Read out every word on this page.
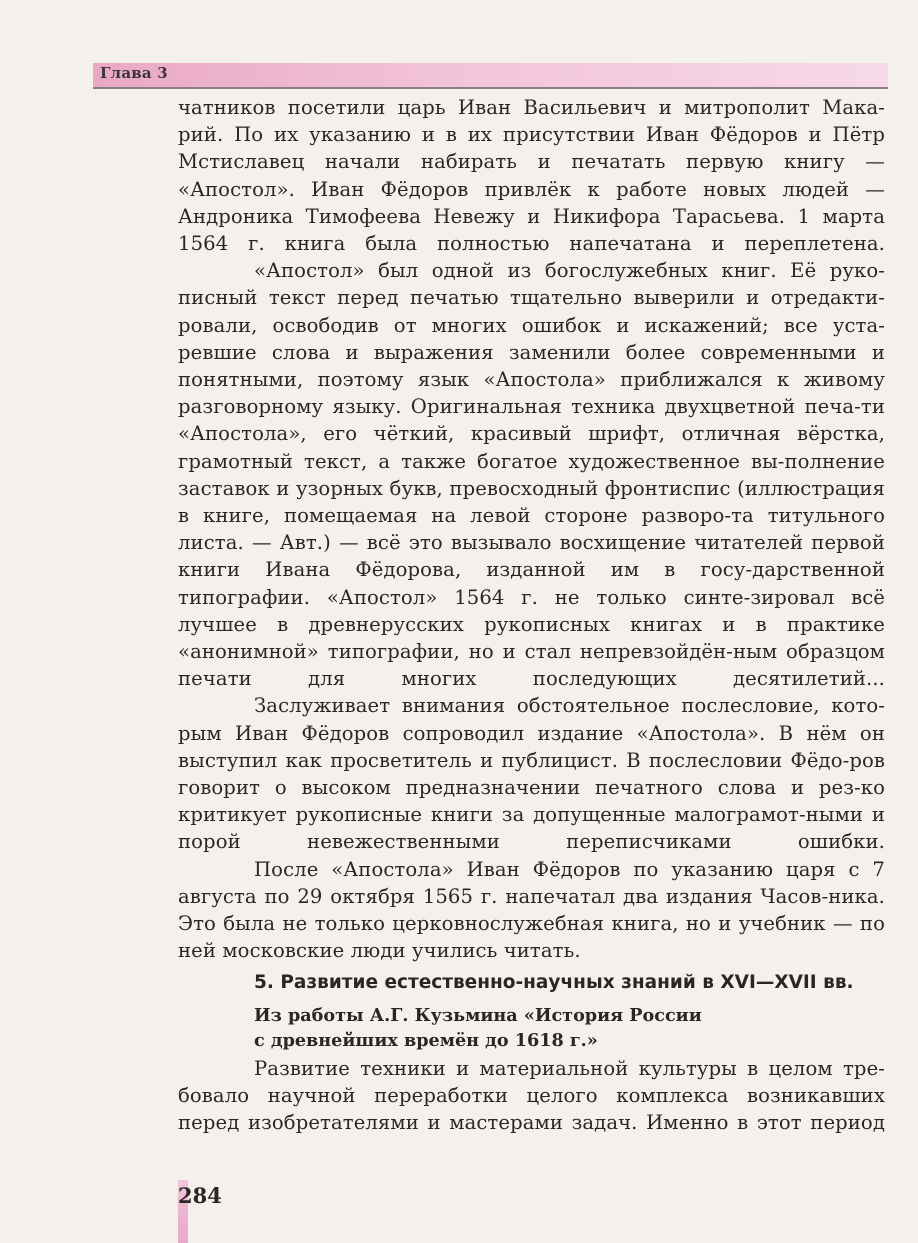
Глава 3

чатников посетили царь Иван Васильевич и митрополит Мака-рий. По их указанию и в их присутствии Иван Фёдоров и Пётр Мстиславец начали набирать и печатать первую книгу — «Апостол». Иван Фёдоров привлёк к работе новых людей — Андроника Тимофеева Невежу и Никифора Тарасьева. 1 марта 1564 г. книга была полностью напечатана и переплетена.

«Апостол» был одной из богослужебных книг. Её руко-писный текст перед печатью тщательно выверили и отредакти-ровали, освободив от многих ошибок и искажений; все уста-ревшие слова и выражения заменили более современными и понятными, поэтому язык «Апостола» приближался к живому разговорному языку. Оригинальная техника двухцветной печа-ти «Апостола», его чёткий, красивый шрифт, отличная вёрстка, грамотный текст, а также богатое художественное вы-полнение заставок и узорных букв, превосходный фронтиспис (иллюстрация в книге, помещаемая на левой стороне разворо-та титульного листа. — Авт.) — всё это вызывало восхищение читателей первой книги Ивана Фёдорова, изданной им в госу-дарственной типографии. «Апостол» 1564 г. не только синте-зировал всё лучшее в древнерусских рукописных книгах и в практике «анонимной» типографии, но и стал непревзойдён-ным образцом печати для многих последующих десятилетий...

Заслуживает внимания обстоятельное послесловие, кото-рым Иван Фёдоров сопроводил издание «Апостола». В нём он выступил как просветитель и публицист. В послесловии Фёдо-ров говорит о высоком предназначении печатного слова и рез-ко критикует рукописные книги за допущенные малограмот-ными и порой невежественными переписчиками ошибки.

После «Апостола» Иван Фёдоров по указанию царя с 7 августа по 29 октября 1565 г. напечатал два издания Часов-ника. Это была не только церковнослужебная книга, но и учебник — по ней московские люди учились читать.

5. Развитие естественно-научных знаний в XVI—XVII вв.

Из работы А.Г. Кузьмина «История России
с древнейших времён до 1618 г.»

Развитие техники и материальной культуры в целом тре-бовало научной переработки целого комплекса возникавших перед изобретателями и мастерами задач. Именно в этот период

284
